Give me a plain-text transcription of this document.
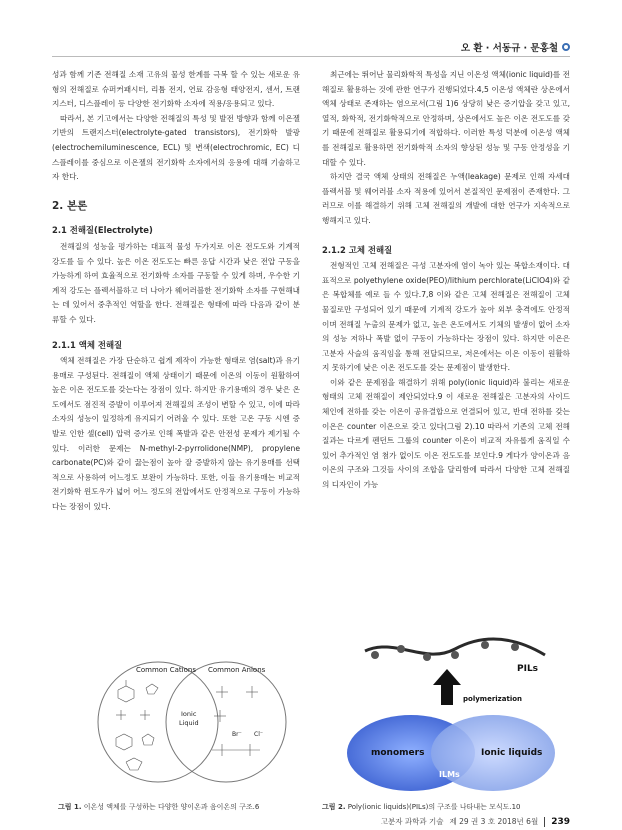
오 환 · 서동규 · 문홍철

성과 함께 기존 전해질 소재 고유의 물성 한계를 극복 할 수 있는 새로운 유형의 전해질로 슈퍼커패시터, 리튬 전지, 연료 감응형 태양전지, 센서, 트랜지스터, 디스플레이 등 다양한 전기화학 소자에 적용/응용되고 있다.

따라서, 본 기고에서는 다양한 전해질의 특성 및 발전 방향과 함께 이온젤 기반의 트랜지스터(electrolyte-gated transistors), 전기화학 발광(electrochemiluminescence, ECL) 및 변색(electrochromic, EC) 디스플레이를 중심으로 이온젤의 전기화학 소자에서의 응용에 대해 기술하고자 한다.

2. 본론
2.1 전해질(Electrolyte)

전해질의 성능을 평가하는 대표적 물성 두가지로 이온 전도도와 기계적 강도를 들 수 있다. 높은 이온 전도도는 빠른 응답 시간과 낮은 전압 구동을 가능하게 하여 효율적으로 전기화학 소자를 구동할 수 있게 하며, 우수한 기계적 강도는 플렉서블하고 더 나아가 웨어러블한 전기화학 소자를 구현해내는 데 있어서 중추적인 역할을 한다. 전해질은 형태에 따라 다음과 같이 분류할 수 있다.

2.1.1 액체 전해질

액체 전해질은 가장 단순하고 쉽게 제작이 가능한 형태로 염(salt)과 유기용매로 구성된다. 전해질이 액체 상태이기 때문에 이온의 이동이 원활하여 높은 이온 전도도를 갖는다는 장점이 있다. 하지만 유기용매의 경우 낮은 온도에서도 점진적 증발이 이루어져 전해질의 조성이 변할 수 있고, 이에 따라 소자의 성능이 일정하게 유지되기 어려울 수 있다. 또한 고온 구동 시엔 증발로 인한 셀(cell) 압력 증가로 인해 폭발과 같은 안전성 문제가 제기될 수 있다. 이러한 문제는 N-methyl-2-pyrrolidone(NMP), propylene carbonate(PC)와 같이 끓는점이 높아 잘 증발하지 않는 유기용매를 선택적으로 사용하여 어느정도 보완이 가능하다. 또한, 이들 유기용매는 비교적 전기화학 윈도우가 넓어 어느 정도의 전압에서도 안정적으로 구동이 가능하다는 장점이 있다.

최근에는 뛰어난 물리화학적 특성을 지닌 이온성 액체(ionic liquid)를 전해질로 활용하는 것에 관한 연구가 진행되었다.4,5 이온성 액체란 상온에서 액체 상태로 존재하는 염으로서(그림 1)6 상당히 낮은 증기압을 갖고 있고, 열적, 화학적, 전기화학적으로 안정하며, 상온에서도 높은 이온 전도도를 갖기 때문에 전해질로 활용되기에 적합하다. 이러한 특성 덕분에 이온성 액체를 전해질로 활용하면 전기화학적 소자의 향상된 성능 및 구동 안정성을 기대할 수 있다.

하지만 결국 액체 상태의 전해질은 누액(leakage) 문제로 인해 자세대 플렉서블 및 웨어러블 소자 적용에 있어서 본질적인 문제점이 존재한다. 그러므로 이를 해결하기 위해 고체 전해질의 개발에 대한 연구가 지속적으로 행해지고 있다.

2.1.2 고체 전해질

전형적인 고체 전해질은 극성 고분자에 염이 녹아 있는 복합소재이다. 대표적으로 polyethylene oxide(PEO)/lithium perchlorate(LiClO4)와 같은 복합체를 예로 들 수 있다.7,8 이와 같은 고체 전해질은 전해질이 고체 물질로만 구성되어 있기 때문에 기계적 강도가 높아 외부 충격에도 안정적이며 전해질 누출의 문제가 없고, 높은 온도에서도 기체의 발생이 없어 소자의 성능 저하나 폭발 없이 구동이 가능하다는 장점이 있다. 하지만 이온은 고분자 사슬의 움직임을 통해 전달되므로, 저온에서는 이온 이동이 원활하지 못하기에 낮은 이온 전도도를 갖는 문제점이 발생한다.

이와 같은 문제점을 해결하기 위해 poly(ionic liquid)라 불리는 새로운 형태의 고체 전해질이 제안되었다.9 이 새로운 전해질은 고분자의 사이드 체인에 전하를 갖는 이온이 공유결합으로 연결되어 있고, 반대 전하를 갖는 이온은 counter 이온으로 갖고 있다(그림 2).10 따라서 기존의 고체 전해질과는 다르게 펜던트 그룹의 counter 이온이 비교적 자유롭게 움직일 수 있어 추가적인 염 첨가 없이도 이온 전도도를 보인다.9 게다가 양이온과 음이온의 구조와 그것들 사이의 조합을 달리함에 따라서 다양한 고체 전해질의 디자인이 가능

Common Cations Common Anions
Ionic
Liquid
Br⁻ Cl⁻
PILs
polymerization
monomers	Ionic liquids
ILMs
그림 1. 이온성 액체를 구성하는 다양한 양이온과 음이온의 구조.6	그림 2. Poly(ionic liquids)(PILs)의 구조를 나타내는 모식도.10
고분자 과학과 기술 제 29 권 3 호 2018년 6월 239
